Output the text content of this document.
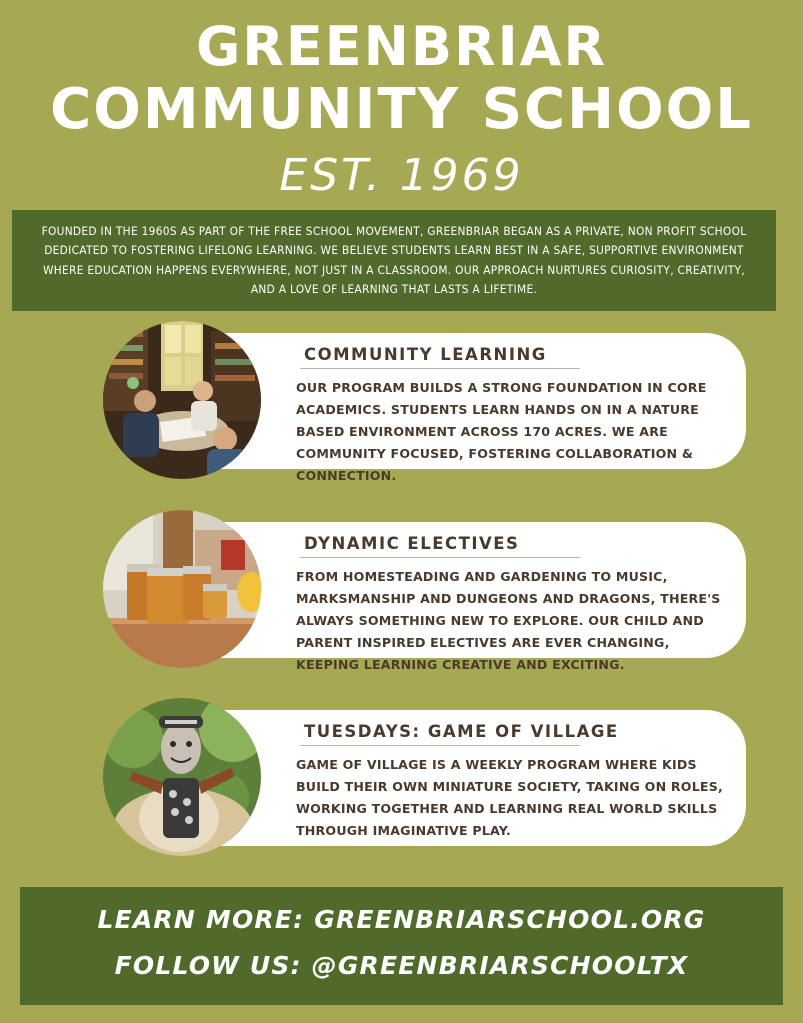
GREENBRIAR
COMMUNITY SCHOOL
EST. 1969

FOUNDED IN THE 1960S AS PART OF THE FREE SCHOOL MOVEMENT, GREENBRIAR BEGAN AS A PRIVATE, NON PROFIT SCHOOL DEDICATED TO FOSTERING LIFELONG LEARNING. WE BELIEVE STUDENTS LEARN BEST IN A SAFE, SUPPORTIVE ENVIRONMENT WHERE EDUCATION HAPPENS EVERYWHERE, NOT JUST IN A CLASSROOM. OUR APPROACH NURTURES CURIOSITY, CREATIVITY, AND A LOVE OF LEARNING THAT LASTS A LIFETIME.

COMMUNITY LEARNING
OUR PROGRAM BUILDS A STRONG FOUNDATION IN CORE ACADEMICS. STUDENTS LEARN HANDS ON IN A NATURE BASED ENVIRONMENT ACROSS 170 ACRES. WE ARE COMMUNITY FOCUSED, FOSTERING COLLABORATION & CONNECTION.
DYNAMIC ELECTIVES
FROM HOMESTEADING AND GARDENING TO MUSIC, MARKSMANSHIP AND DUNGEONS AND DRAGONS, THERE'S ALWAYS SOMETHING NEW TO EXPLORE. OUR CHILD AND PARENT INSPIRED ELECTIVES ARE EVER CHANGING, KEEPING LEARNING CREATIVE AND EXCITING.
TUESDAYS: GAME OF VILLAGE
GAME OF VILLAGE IS A WEEKLY PROGRAM WHERE KIDS BUILD THEIR OWN MINIATURE SOCIETY, TAKING ON ROLES, WORKING TOGETHER AND LEARNING REAL WORLD SKILLS THROUGH IMAGINATIVE PLAY.
LEARN MORE: GREENBRIARSCHOOL.ORG
FOLLOW US: @GREENBRIARSCHOOLTX
